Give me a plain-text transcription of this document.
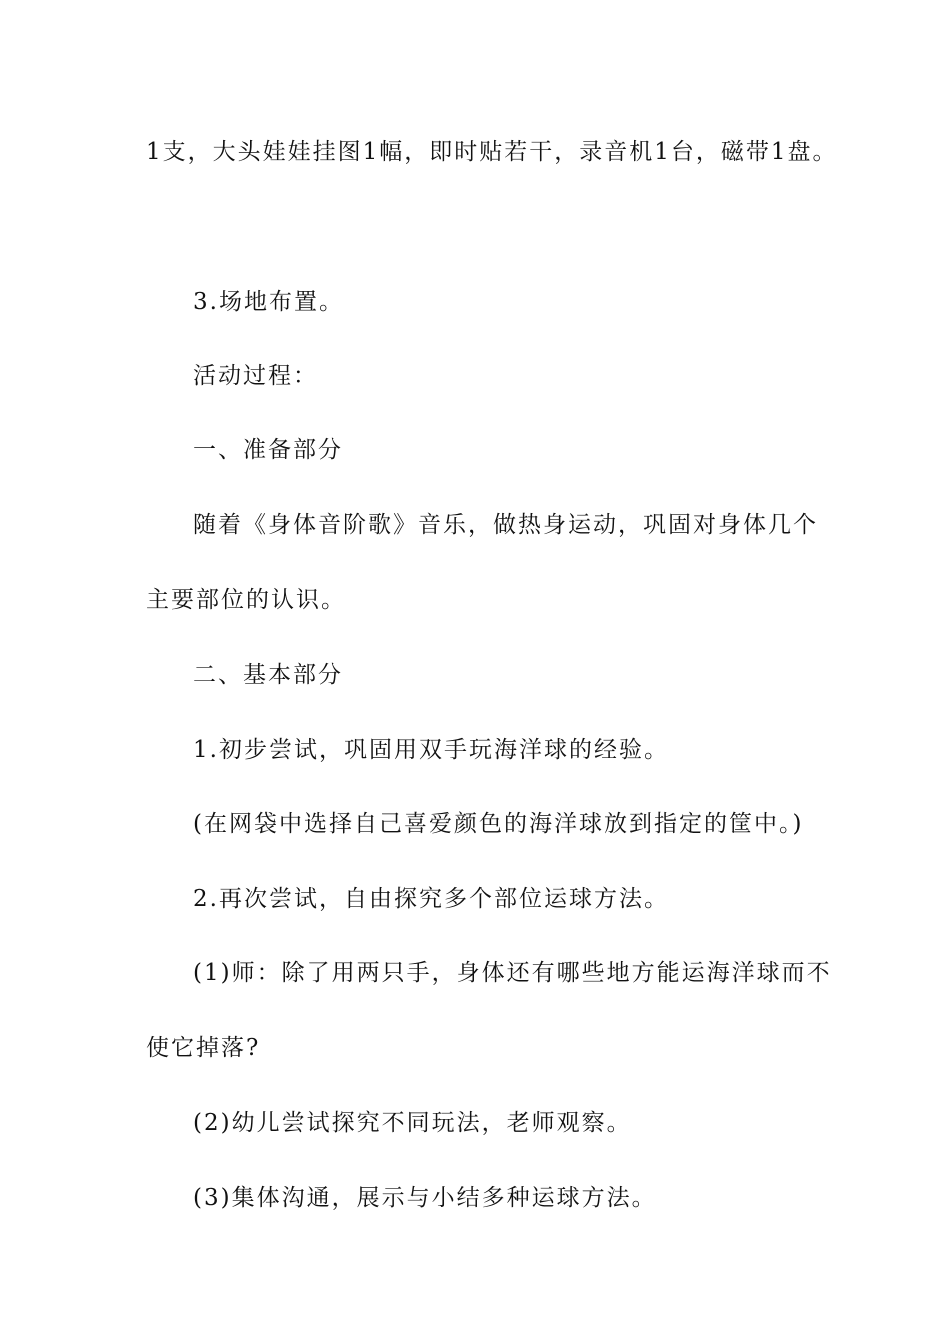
1支，大头娃娃挂图1幅，即时贴若干，录音机1台，磁带1盘。
3.场地布置。
活动过程：
一、准备部分
随着《身体音阶歌》音乐，做热身运动，巩固对身体几个
主要部位的认识。
二、基本部分
1.初步尝试，巩固用双手玩海洋球的经验。
(在网袋中选择自己喜爱颜色的海洋球放到指定的筐中。)
2.再次尝试，自由探究多个部位运球方法。
(1)师：除了用两只手，身体还有哪些地方能运海洋球而不
使它掉落?
(2)幼儿尝试探究不同玩法，老师观察。
(3)集体沟通，展示与小结多种运球方法。
